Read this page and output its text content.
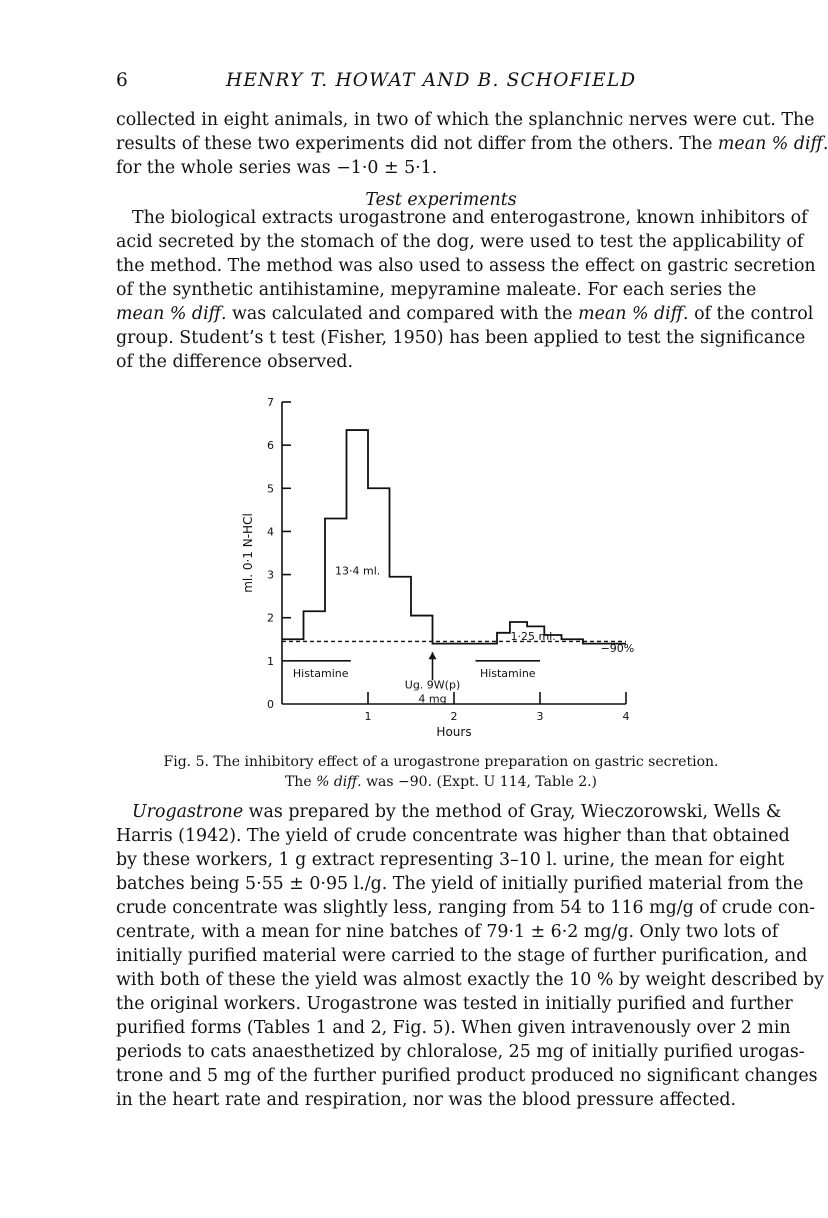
6	HENRY T. HOWAT AND B. SCHOFIELD

collected in eight animals, in two of which the splanchnic nerves were cut. The
results of these two experiments did not differ from the others. The mean % diff.
for the whole series was −1·0 ± 5·1.

Test experiments

The biological extracts urogastrone and enterogastrone, known inhibitors of
acid secreted by the stomach of the dog, were used to test the applicability of
the method. The method was also used to assess the effect on gastric secretion
of the synthetic antihistamine, mepyramine maleate. For each series the
mean % diff. was calculated and compared with the mean % diff. of the control
group. Student’s t test (Fisher, 1950) has been applied to test the significance
of the difference observed.

0
1
2
3
4
5
6
7
1	2	3	4
Hours
ml. 0·1 N-HCl
Histamine	Histamine
Ug. 9W(p)
4 mg
13·4 ml.
1·25 ml.
−90%
Fig. 5. The inhibitory effect of a urogastrone preparation on gastric secretion.
The % diff. was −90. (Expt. U 114, Table 2.)

Urogastrone was prepared by the method of Gray, Wieczorowski, Wells &
Harris (1942). The yield of crude concentrate was higher than that obtained
by these workers, 1 g extract representing 3–10 l. urine, the mean for eight
batches being 5·55 ± 0·95 l./g. The yield of initially purified material from the
crude concentrate was slightly less, ranging from 54 to 116 mg/g of crude con-
centrate, with a mean for nine batches of 79·1 ± 6·2 mg/g. Only two lots of
initially purified material were carried to the stage of further purification, and
with both of these the yield was almost exactly the 10 % by weight described by
the original workers. Urogastrone was tested in initially purified and further
purified forms (Tables 1 and 2, Fig. 5). When given intravenously over 2 min
periods to cats anaesthetized by chloralose, 25 mg of initially purified urogas-
trone and 5 mg of the further purified product produced no significant changes
in the heart rate and respiration, nor was the blood pressure affected.
